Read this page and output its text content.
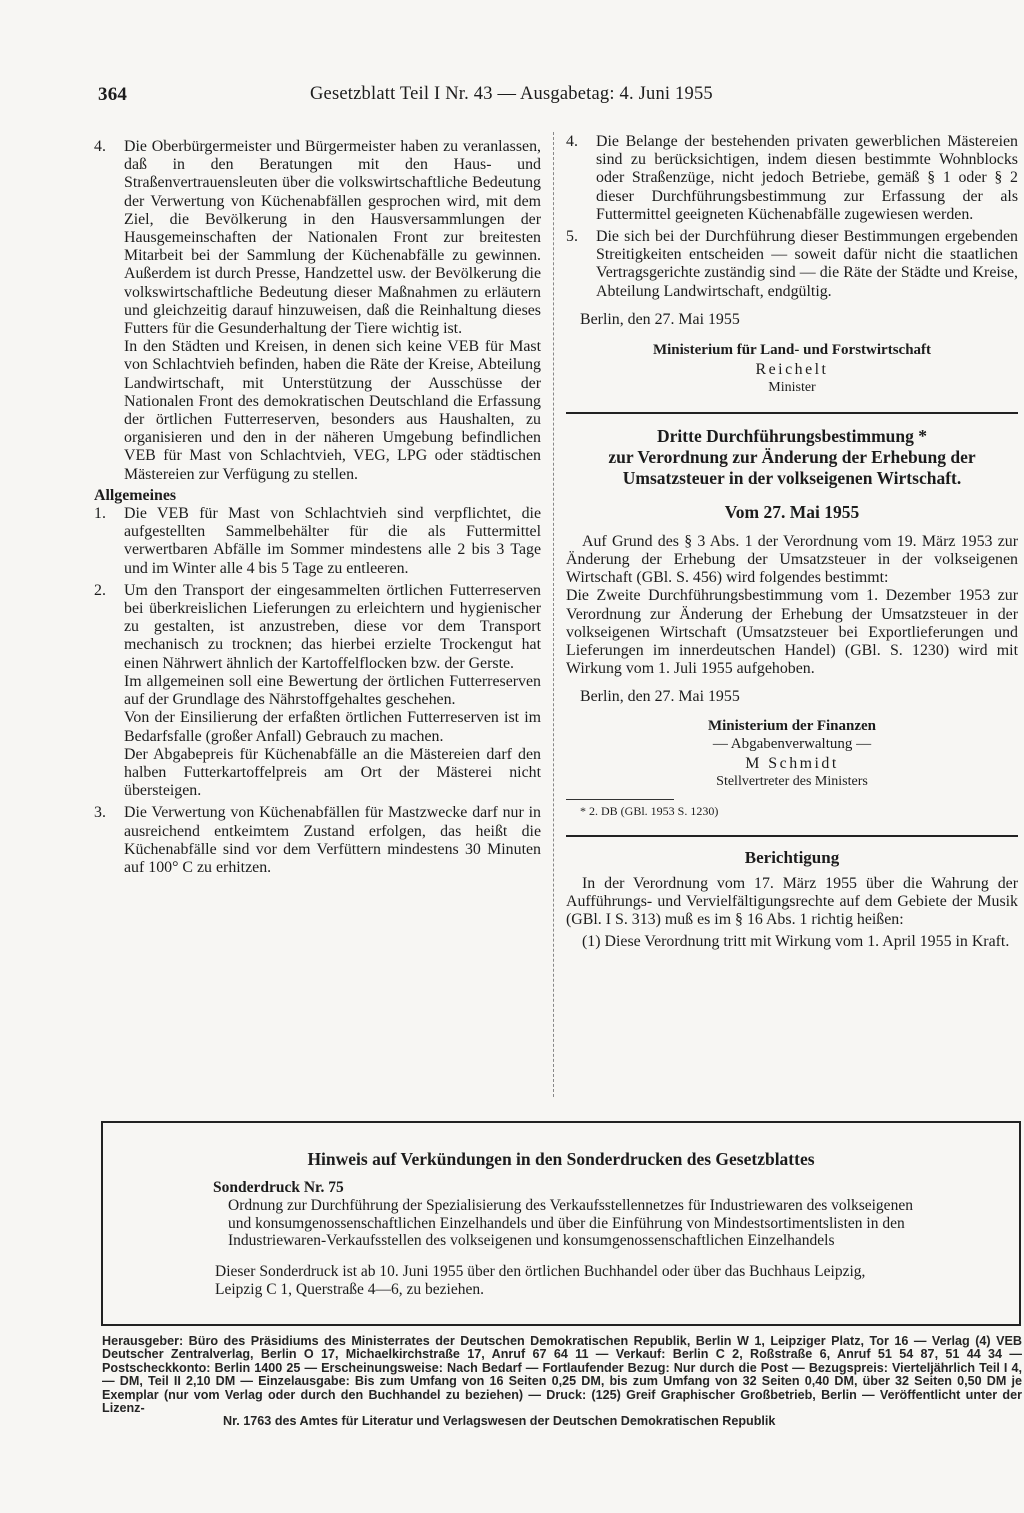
364	Gesetzblatt Teil I Nr. 43 — Ausgabetag: 4. Juni 1955
4. Die Oberbürgermeister und Bürgermeister haben zu veranlassen, daß in den Beratungen mit den Haus- und Straßenvertrauensleuten über die volkswirtschaftliche Bedeutung der Verwertung von Küchenabfällen gesprochen wird, mit dem Ziel, die Bevölkerung in den Hausversammlungen der Hausgemeinschaften der Nationalen Front zur breitesten Mitarbeit bei der Sammlung der Küchenabfälle zu gewinnen. Außerdem ist durch Presse, Handzettel usw. der Bevölkerung die volkswirtschaftliche Bedeutung dieser Maßnahmen zu erläutern und gleichzeitig darauf hinzuweisen, daß die Reinhaltung dieses Futters für die Gesunderhaltung der Tiere wichtig ist.

In den Städten und Kreisen, in denen sich keine VEB für Mast von Schlachtvieh befinden, haben die Räte der Kreise, Abteilung Landwirtschaft, mit Unterstützung der Ausschüsse der Nationalen Front des demokratischen Deutschland die Erfassung der örtlichen Futterreserven, besonders aus Haushalten, zu organisieren und den in der näheren Umgebung befindlichen VEB für Mast von Schlachtvieh, VEG, LPG oder städtischen Mästereien zur Verfügung zu stellen.

Allgemeines
1. Die VEB für Mast von Schlachtvieh sind verpflichtet, die aufgestellten Sammelbehälter für die als Futtermittel verwertbaren Abfälle im Sommer mindestens alle 2 bis 3 Tage und im Winter alle 4 bis 5 Tage zu entleeren.

2. Um den Transport der eingesammelten örtlichen Futterreserven bei überkreislichen Lieferungen zu erleichtern und hygienischer zu gestalten, ist anzustreben, diese vor dem Transport mechanisch zu trocknen; das hierbei erzielte Trockengut hat einen Nährwert ähnlich der Kartoffelflocken bzw. der Gerste.

Im allgemeinen soll eine Bewertung der örtlichen Futterreserven auf der Grundlage des Nährstoffgehaltes geschehen.

Von der Einsilierung der erfaßten örtlichen Futterreserven ist im Bedarfsfalle (großer Anfall) Gebrauch zu machen.

Der Abgabepreis für Küchenabfälle an die Mästereien darf den halben Futterkartoffelpreis am Ort der Mästerei nicht übersteigen.

3. Die Verwertung von Küchenabfällen für Mastzwecke darf nur in ausreichend entkeimtem Zustand erfolgen, das heißt die Küchenabfälle sind vor dem Verfüttern mindestens 30 Minuten auf 100° C zu erhitzen.

4. Die Belange der bestehenden privaten gewerblichen Mästereien sind zu berücksichtigen, indem diesen bestimmte Wohnblocks oder Straßenzüge, nicht jedoch Betriebe, gemäß § 1 oder § 2 dieser Durchführungsbestimmung zur Erfassung der als Futtermittel geeigneten Küchenabfälle zugewiesen werden.

5. Die sich bei der Durchführung dieser Bestimmungen ergebenden Streitigkeiten entscheiden — soweit dafür nicht die staatlichen Vertragsgerichte zuständig sind — die Räte der Städte und Kreise, Abteilung Landwirtschaft, endgültig.

Berlin, den 27. Mai 1955
Ministerium für Land- und Forstwirtschaft
Reichelt
Minister
Dritte Durchführungsbestimmung *
zur Verordnung zur Änderung der Erhebung der
Umsatzsteuer in der volkseigenen Wirtschaft.
Vom 27. Mai 1955

Auf Grund des § 3 Abs. 1 der Verordnung vom 19. März 1953 zur Änderung der Erhebung der Umsatzsteuer in der volkseigenen Wirtschaft (GBl. S. 456) wird folgendes bestimmt:

Die Zweite Durchführungsbestimmung vom 1. Dezember 1953 zur Verordnung zur Änderung der Erhebung der Umsatzsteuer in der volkseigenen Wirtschaft (Umsatzsteuer bei Exportlieferungen und Lieferungen im innerdeutschen Handel) (GBl. S. 1230) wird mit Wirkung vom 1. Juli 1955 aufgehoben.

Berlin, den 27. Mai 1955
Ministerium der Finanzen
— Abgabenverwaltung —
M Schmidt
Stellvertreter des Ministers
* 2. DB (GBl. 1953 S. 1230)
Berichtigung

In der Verordnung vom 17. März 1955 über die Wahrung der Aufführungs- und Vervielfältigungsrechte auf dem Gebiete der Musik (GBl. I S. 313) muß es im § 16 Abs. 1 richtig heißen:

(1) Diese Verordnung tritt mit Wirkung vom 1. April 1955 in Kraft.

Hinweis auf Verkündungen in den Sonderdrucken des Gesetzblattes
Sonderdruck Nr. 75
Ordnung zur Durchführung der Spezialisierung des Verkaufsstellennetzes für Industriewaren des volkseigenen und konsumgenossenschaftlichen Einzelhandels und über die Einführung von Mindestsortimentslisten in den Industriewaren-Verkaufsstellen des volkseigenen und konsumgenossenschaftlichen Einzelhandels
Dieser Sonderdruck ist ab 10. Juni 1955 über den örtlichen Buchhandel oder über das Buchhaus Leipzig, Leipzig C 1, Querstraße 4—6, zu beziehen.
Herausgeber: Büro des Präsidiums des Ministerrates der Deutschen Demokratischen Republik, Berlin W 1, Leipziger Platz, Tor 16 — Verlag (4) VEB Deutscher Zentralverlag, Berlin O 17, Michaelkirchstraße 17, Anruf 67 64 11 — Verkauf: Berlin C 2, Roßstraße 6, Anruf 51 54 87, 51 44 34 — Postscheckkonto: Berlin 1400 25 — Erscheinungsweise: Nach Bedarf — Fortlaufender Bezug: Nur durch die Post — Bezugspreis: Vierteljährlich Teil I 4,— DM, Teil II 2,10 DM — Einzelausgabe: Bis zum Umfang von 16 Seiten 0,25 DM, bis zum Umfang von 32 Seiten 0,40 DM, über 32 Seiten 0,50 DM je Exemplar (nur vom Verlag oder durch den Buchhandel zu beziehen) — Druck: (125) Greif Graphischer Großbetrieb, Berlin — Veröffentlicht unter der Lizenz-
Nr. 1763 des Amtes für Literatur und Verlagswesen der Deutschen Demokratischen Republik
